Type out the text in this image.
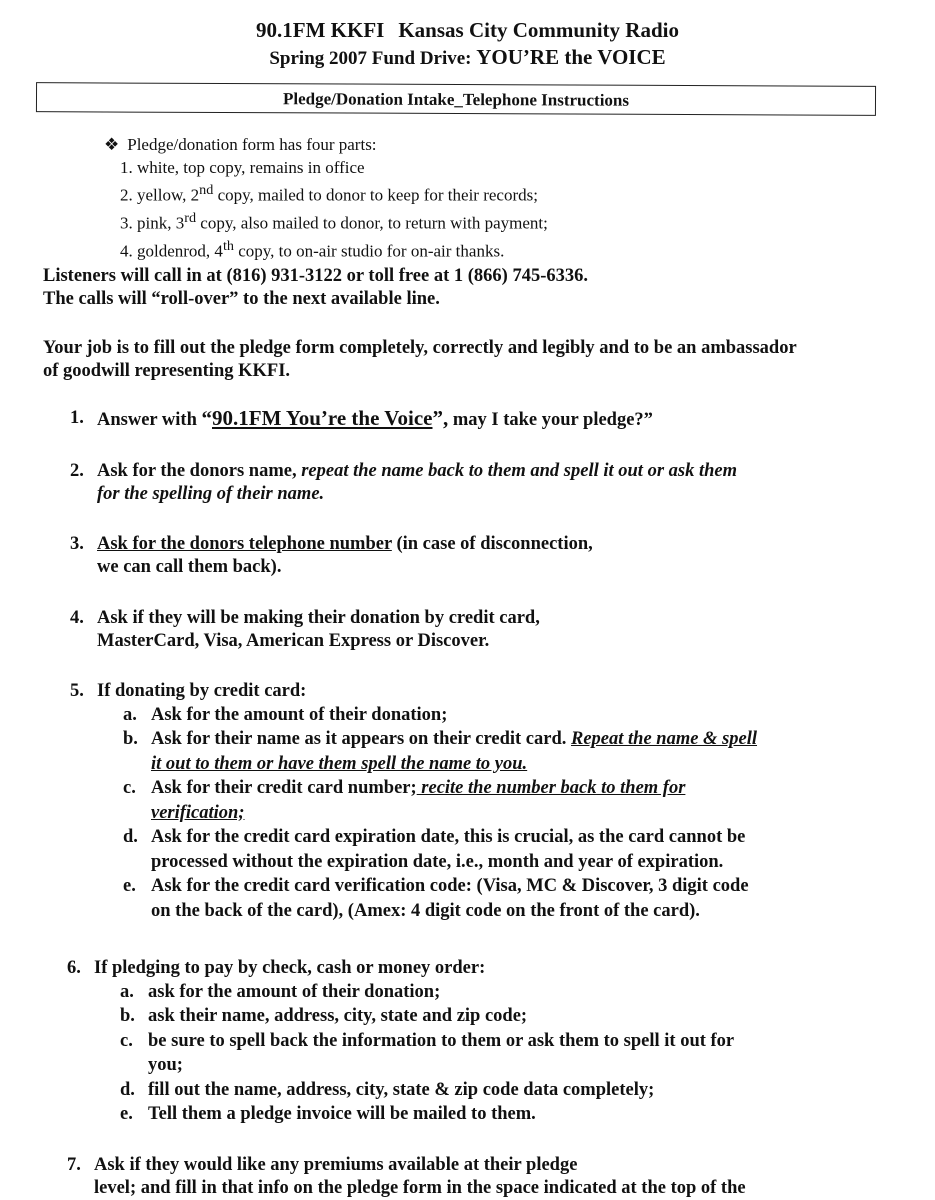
90.1FM KKFI Kansas City Community Radio
Spring 2007 Fund Drive: YOU’RE the VOICE
Pledge/Donation Intake_Telephone Instructions
❖ Pledge/donation form has four parts:
1. white, top copy, remains in office
2. yellow, 2nd copy, mailed to donor to keep for their records;
3. pink, 3rd copy, also mailed to donor, to return with payment;
4. goldenrod, 4th copy, to on-air studio for on-air thanks.
Listeners will call in at (816) 931-3122 or toll free at 1 (866) 745-6336.
The calls will “roll-over” to the next available line.
Your job is to fill out the pledge form completely, correctly and legibly and to be an ambassador
of goodwill representing KKFI.
1. Answer with “90.1FM You’re the Voice”, may I take your pledge?”
2. Ask for the donors name, repeat the name back to them and spell it out or ask them
for the spelling of their name.
3. Ask for the donors telephone number (in case of disconnection,
we can call them back).
4. Ask if they will be making their donation by credit card,
MasterCard, Visa, American Express or Discover.
5. If donating by credit card:
a. Ask for the amount of their donation;
b. Ask for their name as it appears on their credit card. Repeat the name & spell
it out to them or have them spell the name to you.
c. Ask for their credit card number; recite the number back to them for
verification;
d. Ask for the credit card expiration date, this is crucial, as the card cannot be
processed without the expiration date, i.e., month and year of expiration.
e. Ask for the credit card verification code: (Visa, MC & Discover, 3 digit code
on the back of the card), (Amex: 4 digit code on the front of the card).
6. If pledging to pay by check, cash or money order:
a. ask for the amount of their donation;
b. ask their name, address, city, state and zip code;
c. be sure to spell back the information to them or ask them to spell it out for
you;
d. fill out the name, address, city, state & zip code data completely;
e. Tell them a pledge invoice will be mailed to them.
7. Ask if they would like any premiums available at their pledge
level; and fill in that info on the pledge form in the space indicated at the top of the
